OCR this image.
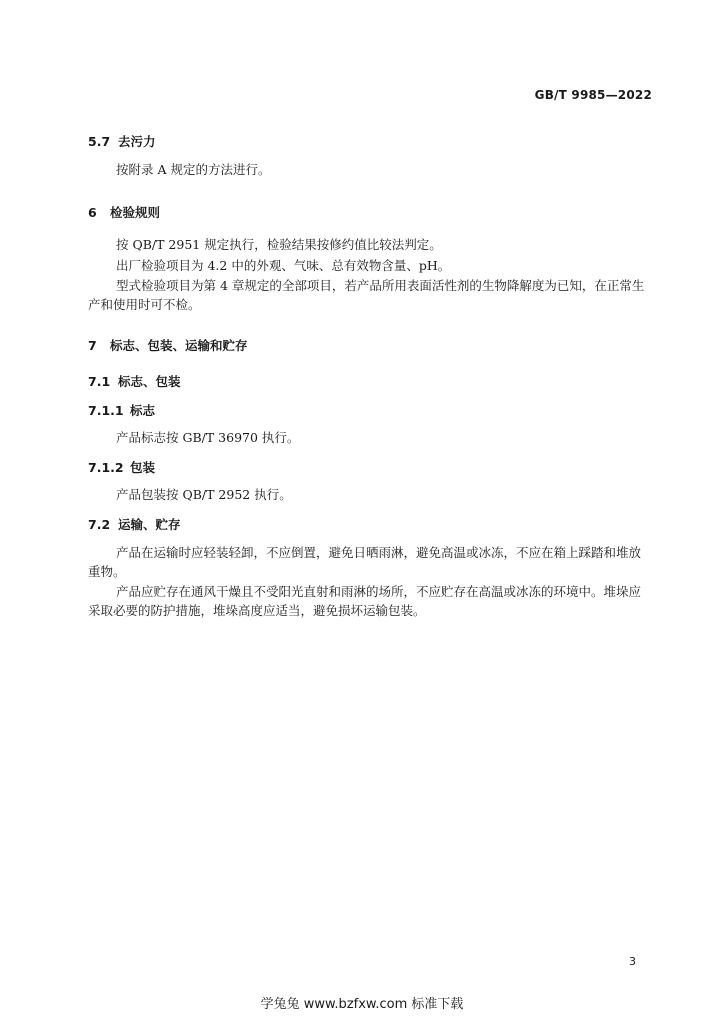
GB/T 9985—2022
5.7 去污力
按附录 A 规定的方法进行。
6 检验规则
按 QB/T 2951 规定执行，检验结果按修约值比较法判定。
出厂检验项目为 4.2 中的外观、气味、总有效物含量、pH。
型式检验项目为第 4 章规定的全部项目，若产品所用表面活性剂的生物降解度为已知，在正常生产和使用时可不检。
7 标志、包装、运输和贮存
7.1 标志、包装
7.1.1 标志
产品标志按 GB/T 36970 执行。
7.1.2 包装
产品包装按 QB/T 2952 执行。
7.2 运输、贮存
产品在运输时应轻装轻卸，不应倒置，避免日晒雨淋，避免高温或冰冻，不应在箱上踩踏和堆放重物。
产品应贮存在通风干燥且不受阳光直射和雨淋的场所，不应贮存在高温或冰冻的环境中。堆垛应采取必要的防护措施，堆垛高度应适当，避免损坏运输包装。
3
学兔兔 www.bzfxw.com 标准下载
